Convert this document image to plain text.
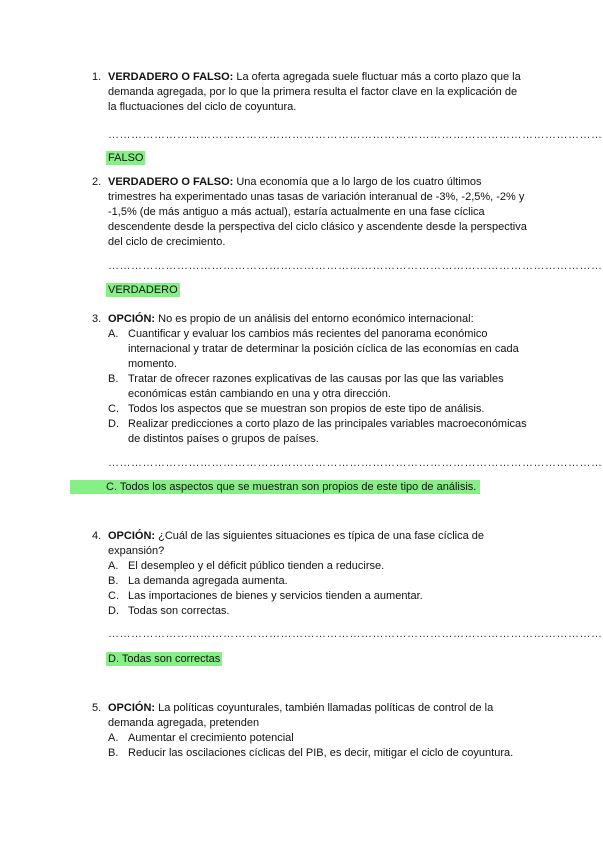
1. VERDADERO O FALSO: La oferta agregada suele fluctuar más a corto plazo que la demanda agregada, por lo que la primera resulta el factor clave en la explicación de la fluctuaciones del ciclo de coyuntura.
…………………………………………………………………………………………………………………
FALSO
2. VERDADERO O FALSO: Una economía que a lo largo de los cuatro últimos trimestres ha experimentado unas tasas de variación interanual de -3%, -2,5%, -2% y -1,5% (de más antiguo a más actual), estaría actualmente en una fase cíclica descendente desde la perspectiva del ciclo clásico y ascendente desde la perspectiva del ciclo de crecimiento.
…………………………………………………………………………………………………………………
VERDADERO
3. OPCIÓN: No es propio de un análisis del entorno económico internacional:
A. Cuantificar y evaluar los cambios más recientes del panorama económico internacional y tratar de determinar la posición cíclica de las economías en cada momento.
B. Tratar de ofrecer razones explicativas de las causas por las que las variables económicas están cambiando en una y otra dirección.
C. Todos los aspectos que se muestran son propios de este tipo de análisis.
D. Realizar predicciones a corto plazo de las principales variables macroeconómicas de distintos países o grupos de países.
…………………………………………………………………………………………………………………
C. Todos los aspectos que se muestran son propios de este tipo de análisis.
4. OPCIÓN: ¿Cuál de las siguientes situaciones es típica de una fase cíclica de expansión?
A. El desempleo y el déficit público tienden a reducirse.
B. La demanda agregada aumenta.
C. Las importaciones de bienes y servicios tienden a aumentar.
D. Todas son correctas.
…………………………………………………………………………………………………………………
D. Todas son correctas
5. OPCIÓN: La políticas coyunturales, también llamadas políticas de control de la demanda agregada, pretenden
A. Aumentar el crecimiento potencial
B. Reducir las oscilaciones cíclicas del PIB, es decir, mitigar el ciclo de coyuntura.
